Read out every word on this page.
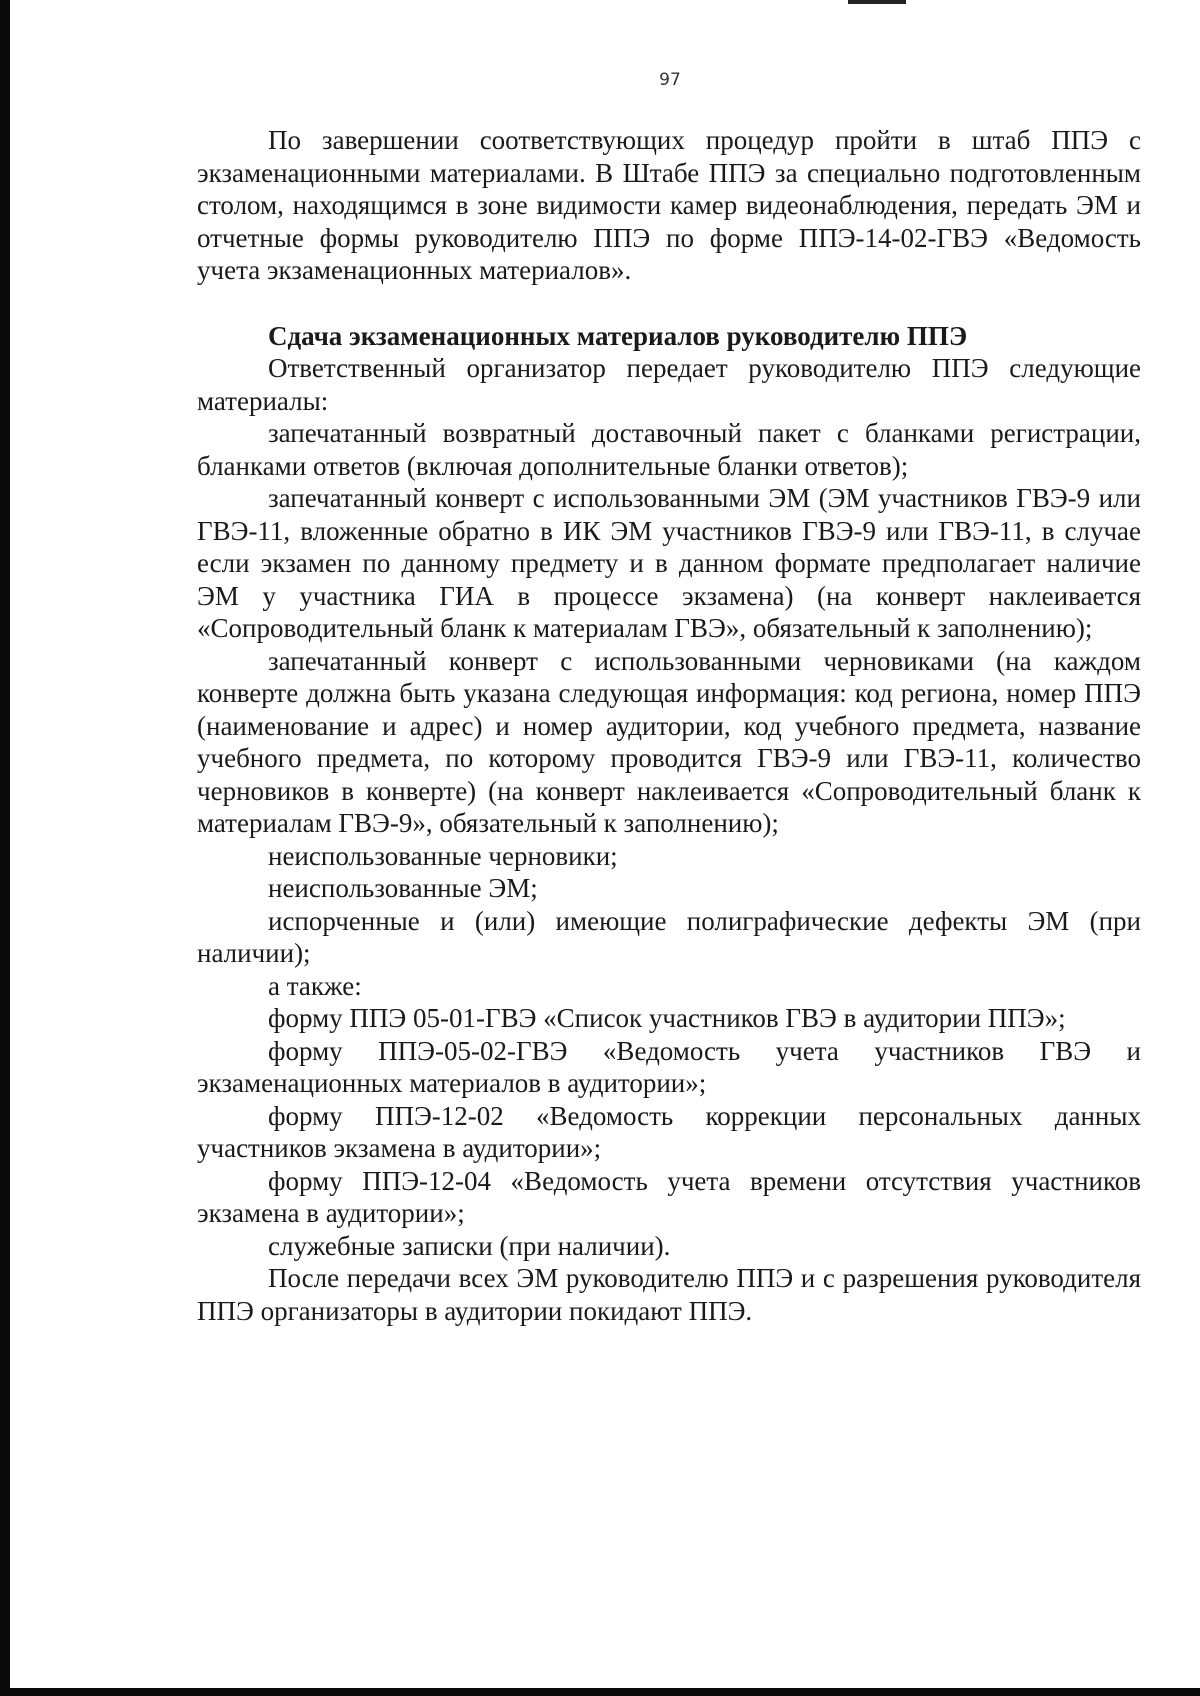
97

По завершении соответствующих процедур пройти в штаб ППЭ с экзаменационными материалами. В Штабе ППЭ за специально подготовленным столом, находящимся в зоне видимости камер видеонаблюдения, передать ЭМ и отчетные формы руководителю ППЭ по форме ППЭ-14-02-ГВЭ «Ведомость учета экзаменационных материалов».

Сдача экзаменационных материалов руководителю ППЭ

Ответственный организатор передает руководителю ППЭ следующие материалы:

запечатанный возвратный доставочный пакет с бланками регистрации, бланками ответов (включая дополнительные бланки ответов);

запечатанный конверт с использованными ЭМ (ЭМ участников ГВЭ-9 или ГВЭ-11, вложенные обратно в ИК ЭМ участников ГВЭ-9 или ГВЭ-11, в случае если экзамен по данному предмету и в данном формате предполагает наличие ЭМ у участника ГИА в процессе экзамена) (на конверт наклеивается «Сопроводительный бланк к материалам ГВЭ», обязательный к заполнению);

запечатанный конверт с использованными черновиками (на каждом конверте должна быть указана следующая информация: код региона, номер ППЭ (наименование и адрес) и номер аудитории, код учебного предмета, название учебного предмета, по которому проводится ГВЭ-9 или ГВЭ-11, количество черновиков в конверте) (на конверт наклеивается «Сопроводительный бланк к материалам ГВЭ-9», обязательный к заполнению);

неиспользованные черновики;

неиспользованные ЭМ;

испорченные и (или) имеющие полиграфические дефекты ЭМ (при наличии);

а также:

форму ППЭ 05-01-ГВЭ «Список участников ГВЭ в аудитории ППЭ»;

форму ППЭ-05-02-ГВЭ «Ведомость учета участников ГВЭ и экзаменационных материалов в аудитории»;

форму ППЭ-12-02 «Ведомость коррекции персональных данных участников экзамена в аудитории»;

форму ППЭ-12-04 «Ведомость учета времени отсутствия участников экзамена в аудитории»;

служебные записки (при наличии).

После передачи всех ЭМ руководителю ППЭ и с разрешения руководителя ППЭ организаторы в аудитории покидают ППЭ.
